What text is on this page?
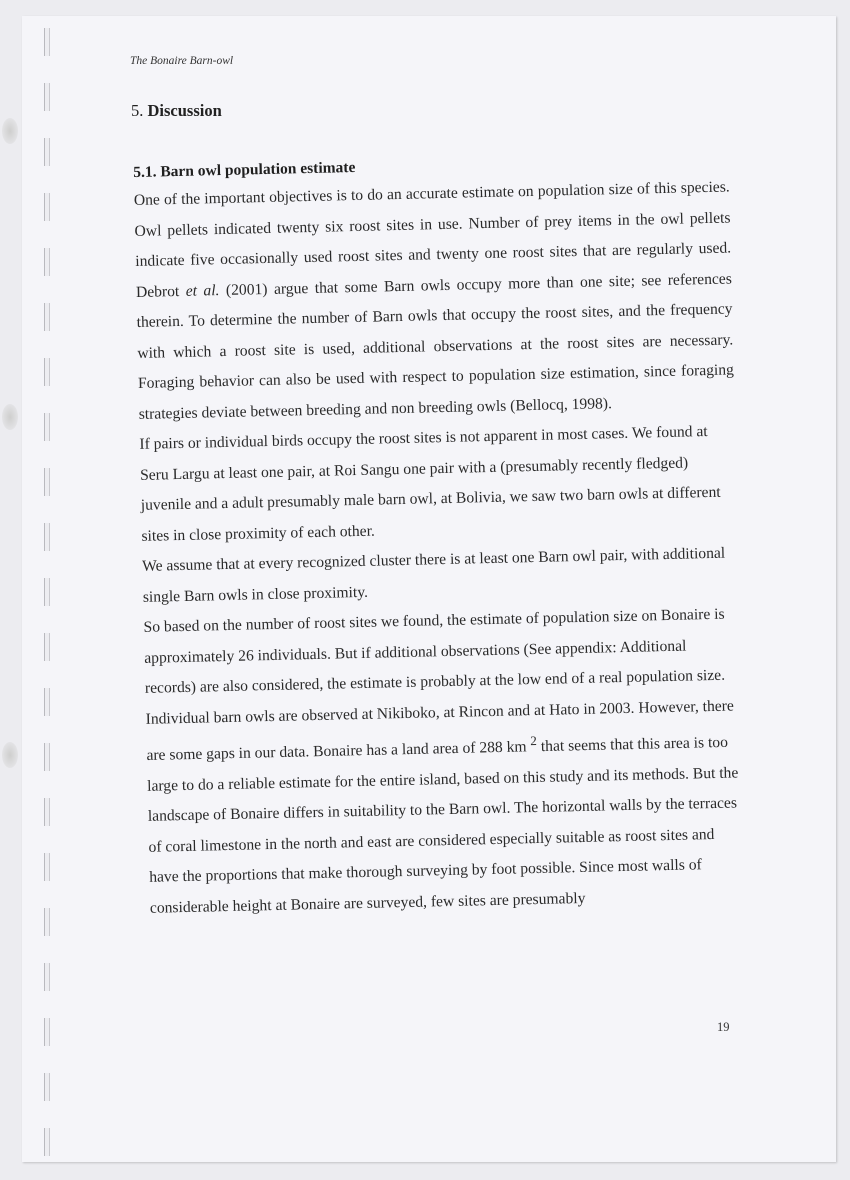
The Bonaire Barn-owl
5. Discussion
5.1. Barn owl population estimate

One of the important objectives is to do an accurate estimate on population size of this species. Owl pellets indicated twenty six roost sites in use. Number of prey items in the owl pellets indicate five occasionally used roost sites and twenty one roost sites that are regularly used. Debrot et al. (2001) argue that some Barn owls occupy more than one site; see references therein. To determine the number of Barn owls that occupy the roost sites, and the frequency with which a roost site is used, additional observations at the roost sites are necessary. Foraging behavior can also be used with respect to population size estimation, since foraging strategies deviate between breeding and non breeding owls (Bellocq, 1998).

If pairs or individual birds occupy the roost sites is not apparent in most cases. We found at Seru Largu at least one pair, at Roi Sangu one pair with a (presumably recently fledged) juvenile and a adult presumably male barn owl, at Bolivia, we saw two barn owls at different sites in close proximity of each other.

We assume that at every recognized cluster there is at least one Barn owl pair, with additional single Barn owls in close proximity.

So based on the number of roost sites we found, the estimate of population size on Bonaire is approximately 26 individuals. But if additional observations (See appendix: Additional records) are also considered, the estimate is probably at the low end of a real population size. Individual barn owls are observed at Nikiboko, at Rincon and at Hato in 2003. However, there are some gaps in our data. Bonaire has a land area of 288 km $^2$ that seems that this area is too large to do a reliable estimate for the entire island, based on this study and its methods. But the landscape of Bonaire differs in suitability to the Barn owl. The horizontal walls by the terraces of coral limestone in the north and east are considered especially suitable as roost sites and have the proportions that make thorough surveying by foot possible. Since most walls of considerable height at Bonaire are surveyed, few sites are presumably

19
